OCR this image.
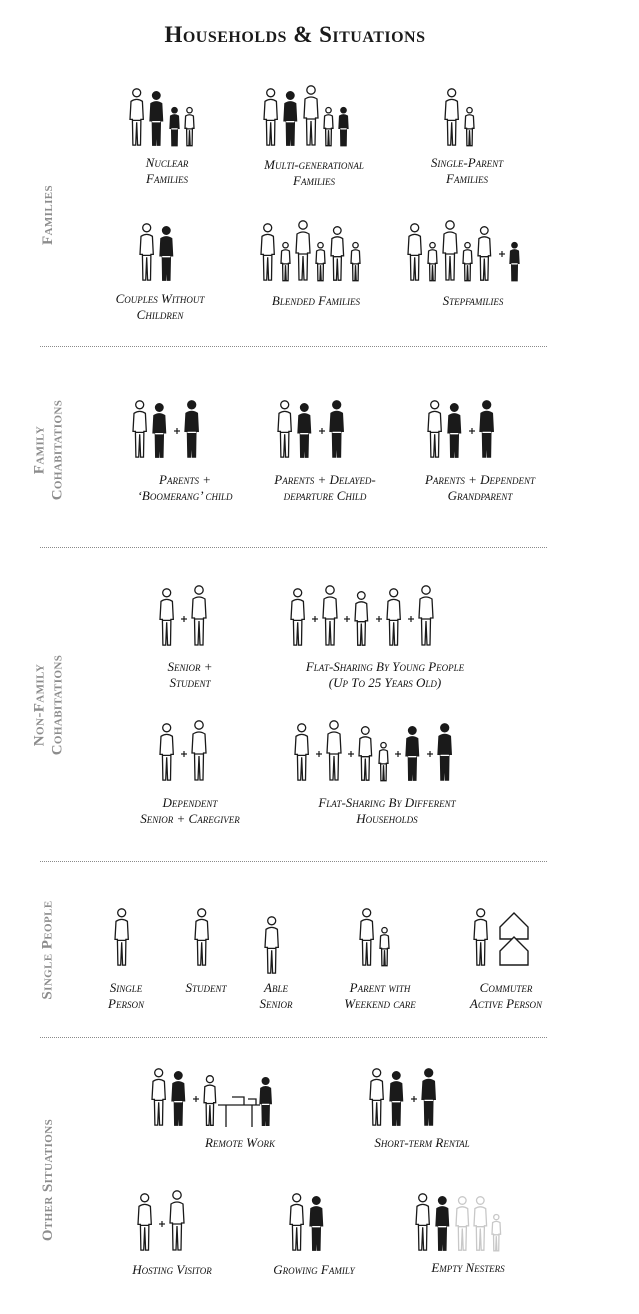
Households & Situations
Families
Nuclear
Families
Multi-generational
Families
Single-Parent
Families
Couples Without
Children
Blended Families	Stepfamilies
Family
Cohabitations	Parents +
‘Boomerang’ child
Parents + Delayed-
departure Child
Parents + Dependent
Grandparent
Non-Family
Cohabitations	Senior +
Student
Flat-Sharing By Young People
(Up To 25 Years Old)
Dependent
Senior + Caregiver
Flat-Sharing By Different
Households
Single People	Single
Person
Student	Able
Senior
Parent with
Weekend care
Commuter
Active Person
Other Situations	Remote Work	Short-term Rental
Hosting Visitor	Growing Family	Empty Nesters
